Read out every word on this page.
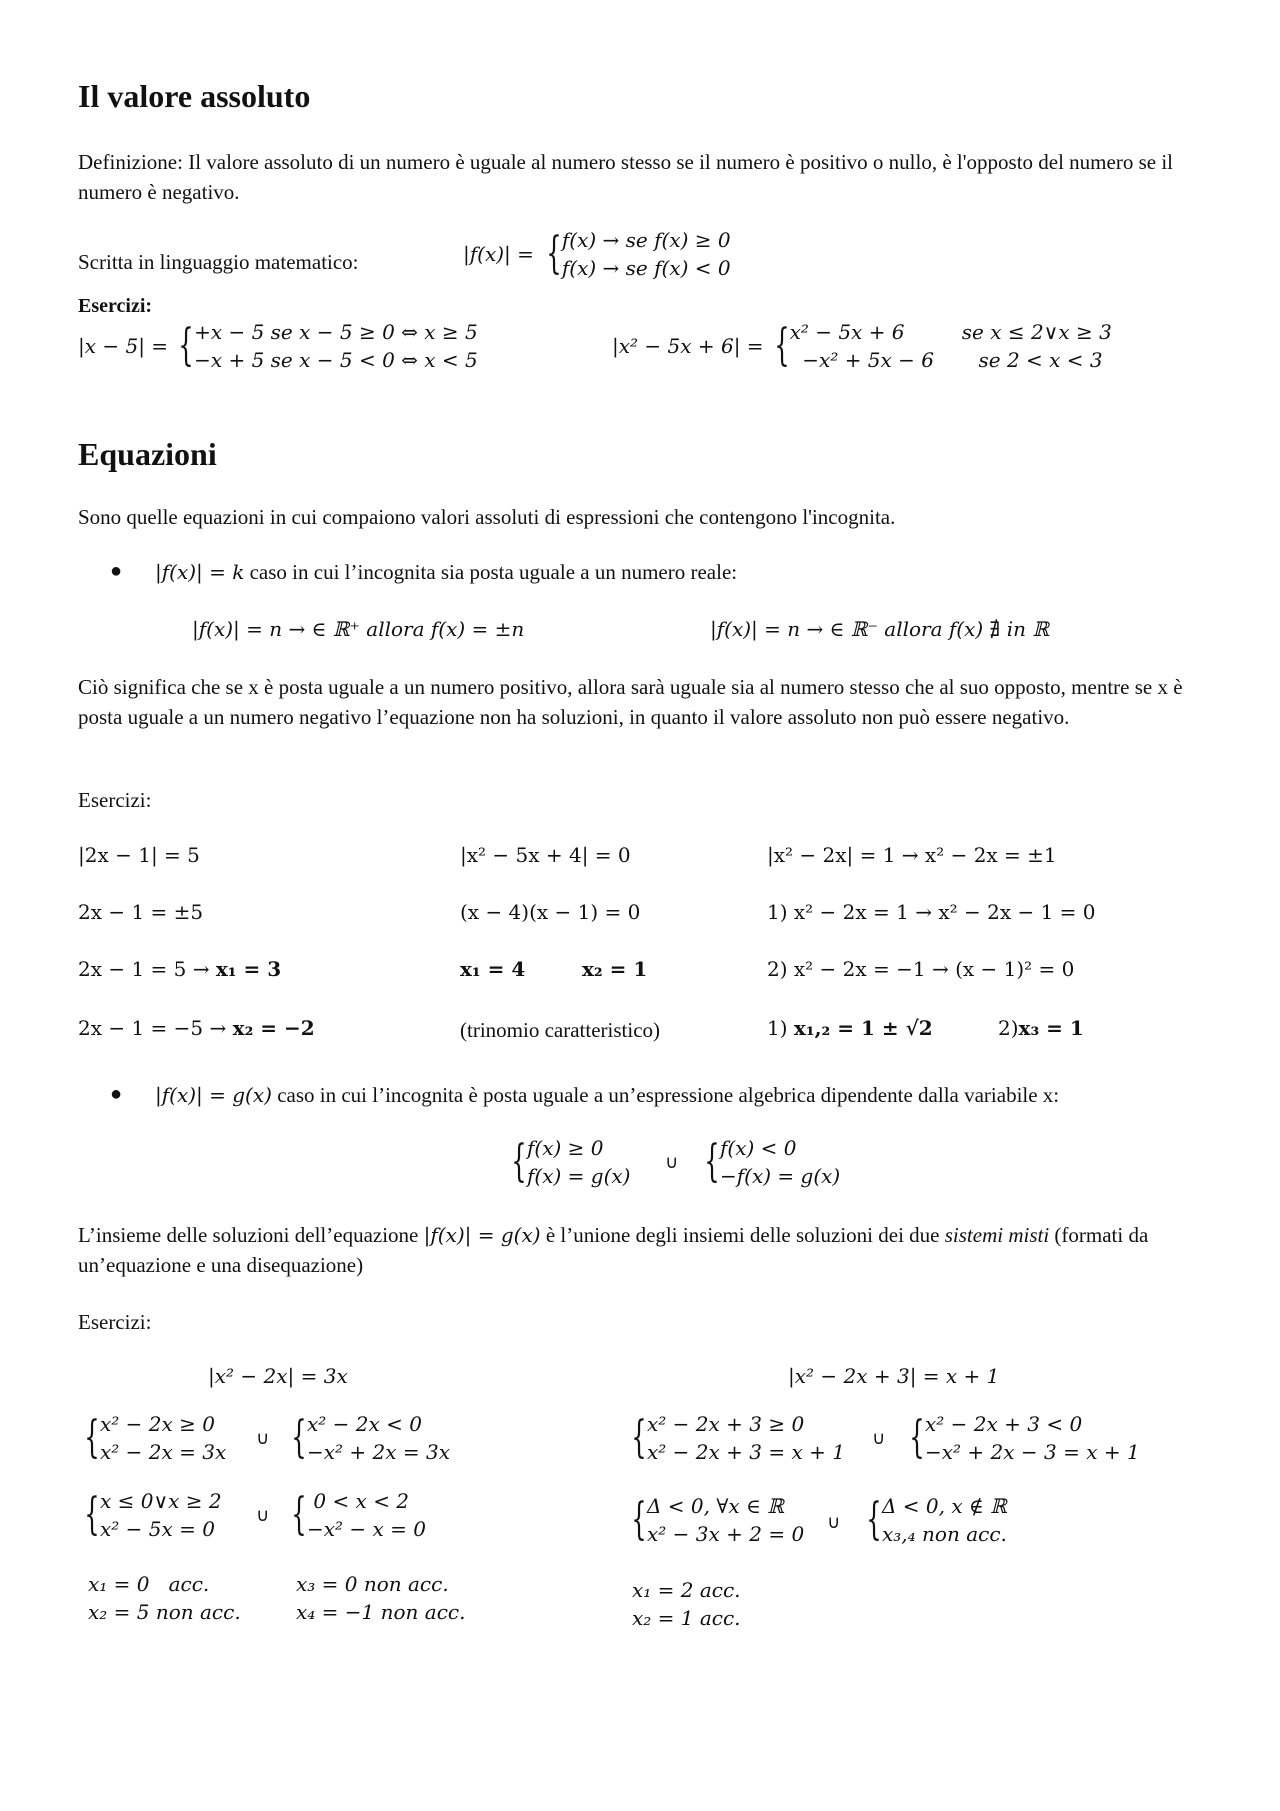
Il valore assoluto
Definizione: Il valore assoluto di un numero è uguale al numero stesso se il numero è positivo o nullo, è l'opposto del numero se il numero è negativo.
Scritta in linguaggio matematico:	|f(x)| = { f(x) → se f(x) ≥ 0
f(x) → se f(x) < 0
Esercizi:
|x − 5| = { +x − 5 se x − 5 ≥ 0 ⇔ x ≥ 5
−x + 5 se x − 5 < 0 ⇔ x < 5
|x² − 5x + 6| = { x² − 5x + 6         se x ≤ 2∨x ≥ 3
−x² + 5x − 6       se 2 < x < 3
Equazioni
Sono quelle equazioni in cui compaiono valori assoluti di espressioni che contengono l'incognita.
● |f(x)| = k caso in cui l’incognita sia posta uguale a un numero reale:
|f(x)| = n → ∈ ℝ⁺ allora f(x) = ±n	|f(x)| = n → ∈ ℝ⁻ allora f(x) ∄ in ℝ
Ciò significa che se x è posta uguale a un numero positivo, allora sarà uguale sia al numero stesso che al suo opposto, mentre se x è posta uguale a un numero negativo l’equazione non ha soluzioni, in quanto il valore assoluto non può essere negativo.
Esercizi:
|2x − 1| = 5
2x − 1 = ±5
2x − 1 = 5 → x₁ = 3
2x − 1 = −5 → x₂ = −2
|x² − 5x + 4| = 0
(x − 4)(x − 1) = 0
x₁ = 4	x₂ = 1
(trinomio caratteristico)
|x² − 2x| = 1 → x² − 2x = ±1
1) x² − 2x = 1 → x² − 2x − 1 = 0
2) x² − 2x = −1 → (x − 1)² = 0
1) x₁,₂ = 1 ± √2	2)x₃ = 1
● |f(x)| = g(x) caso in cui l’incognita è posta uguale a un’espressione algebrica dipendente dalla variabile x:
{ f(x) ≥ 0
f(x) = g(x)
∪ { f(x) < 0
−f(x) = g(x)
L’insieme delle soluzioni dell’equazione |f(x)| = g(x) è l’unione degli insiemi delle soluzioni dei due sistemi misti (formati da un’equazione e una disequazione)
Esercizi:
|x² − 2x| = 3x
{ x² − 2x ≥ 0
x² − 2x = 3x
∪ { x² − 2x < 0
−x² + 2x = 3x
{ x ≤ 0∨x ≥ 2
x² − 5x = 0
∪ { 0 < x < 2
−x² − x = 0
x₁ = 0   acc.
x₂ = 5 non acc.
x₃ = 0 non acc.
x₄ = −1 non acc.
|x² − 2x + 3| = x + 1
{ x² − 2x + 3 ≥ 0
x² − 2x + 3 = x + 1
∪ { x² − 2x + 3 < 0
−x² + 2x − 3 = x + 1
{ Δ < 0, ∀x ∈ ℝ
x² − 3x + 2 = 0 ∪ { Δ < 0, x ∉ ℝ
x₃,₄ non acc.
x₁ = 2 acc.
x₂ = 1 acc.
